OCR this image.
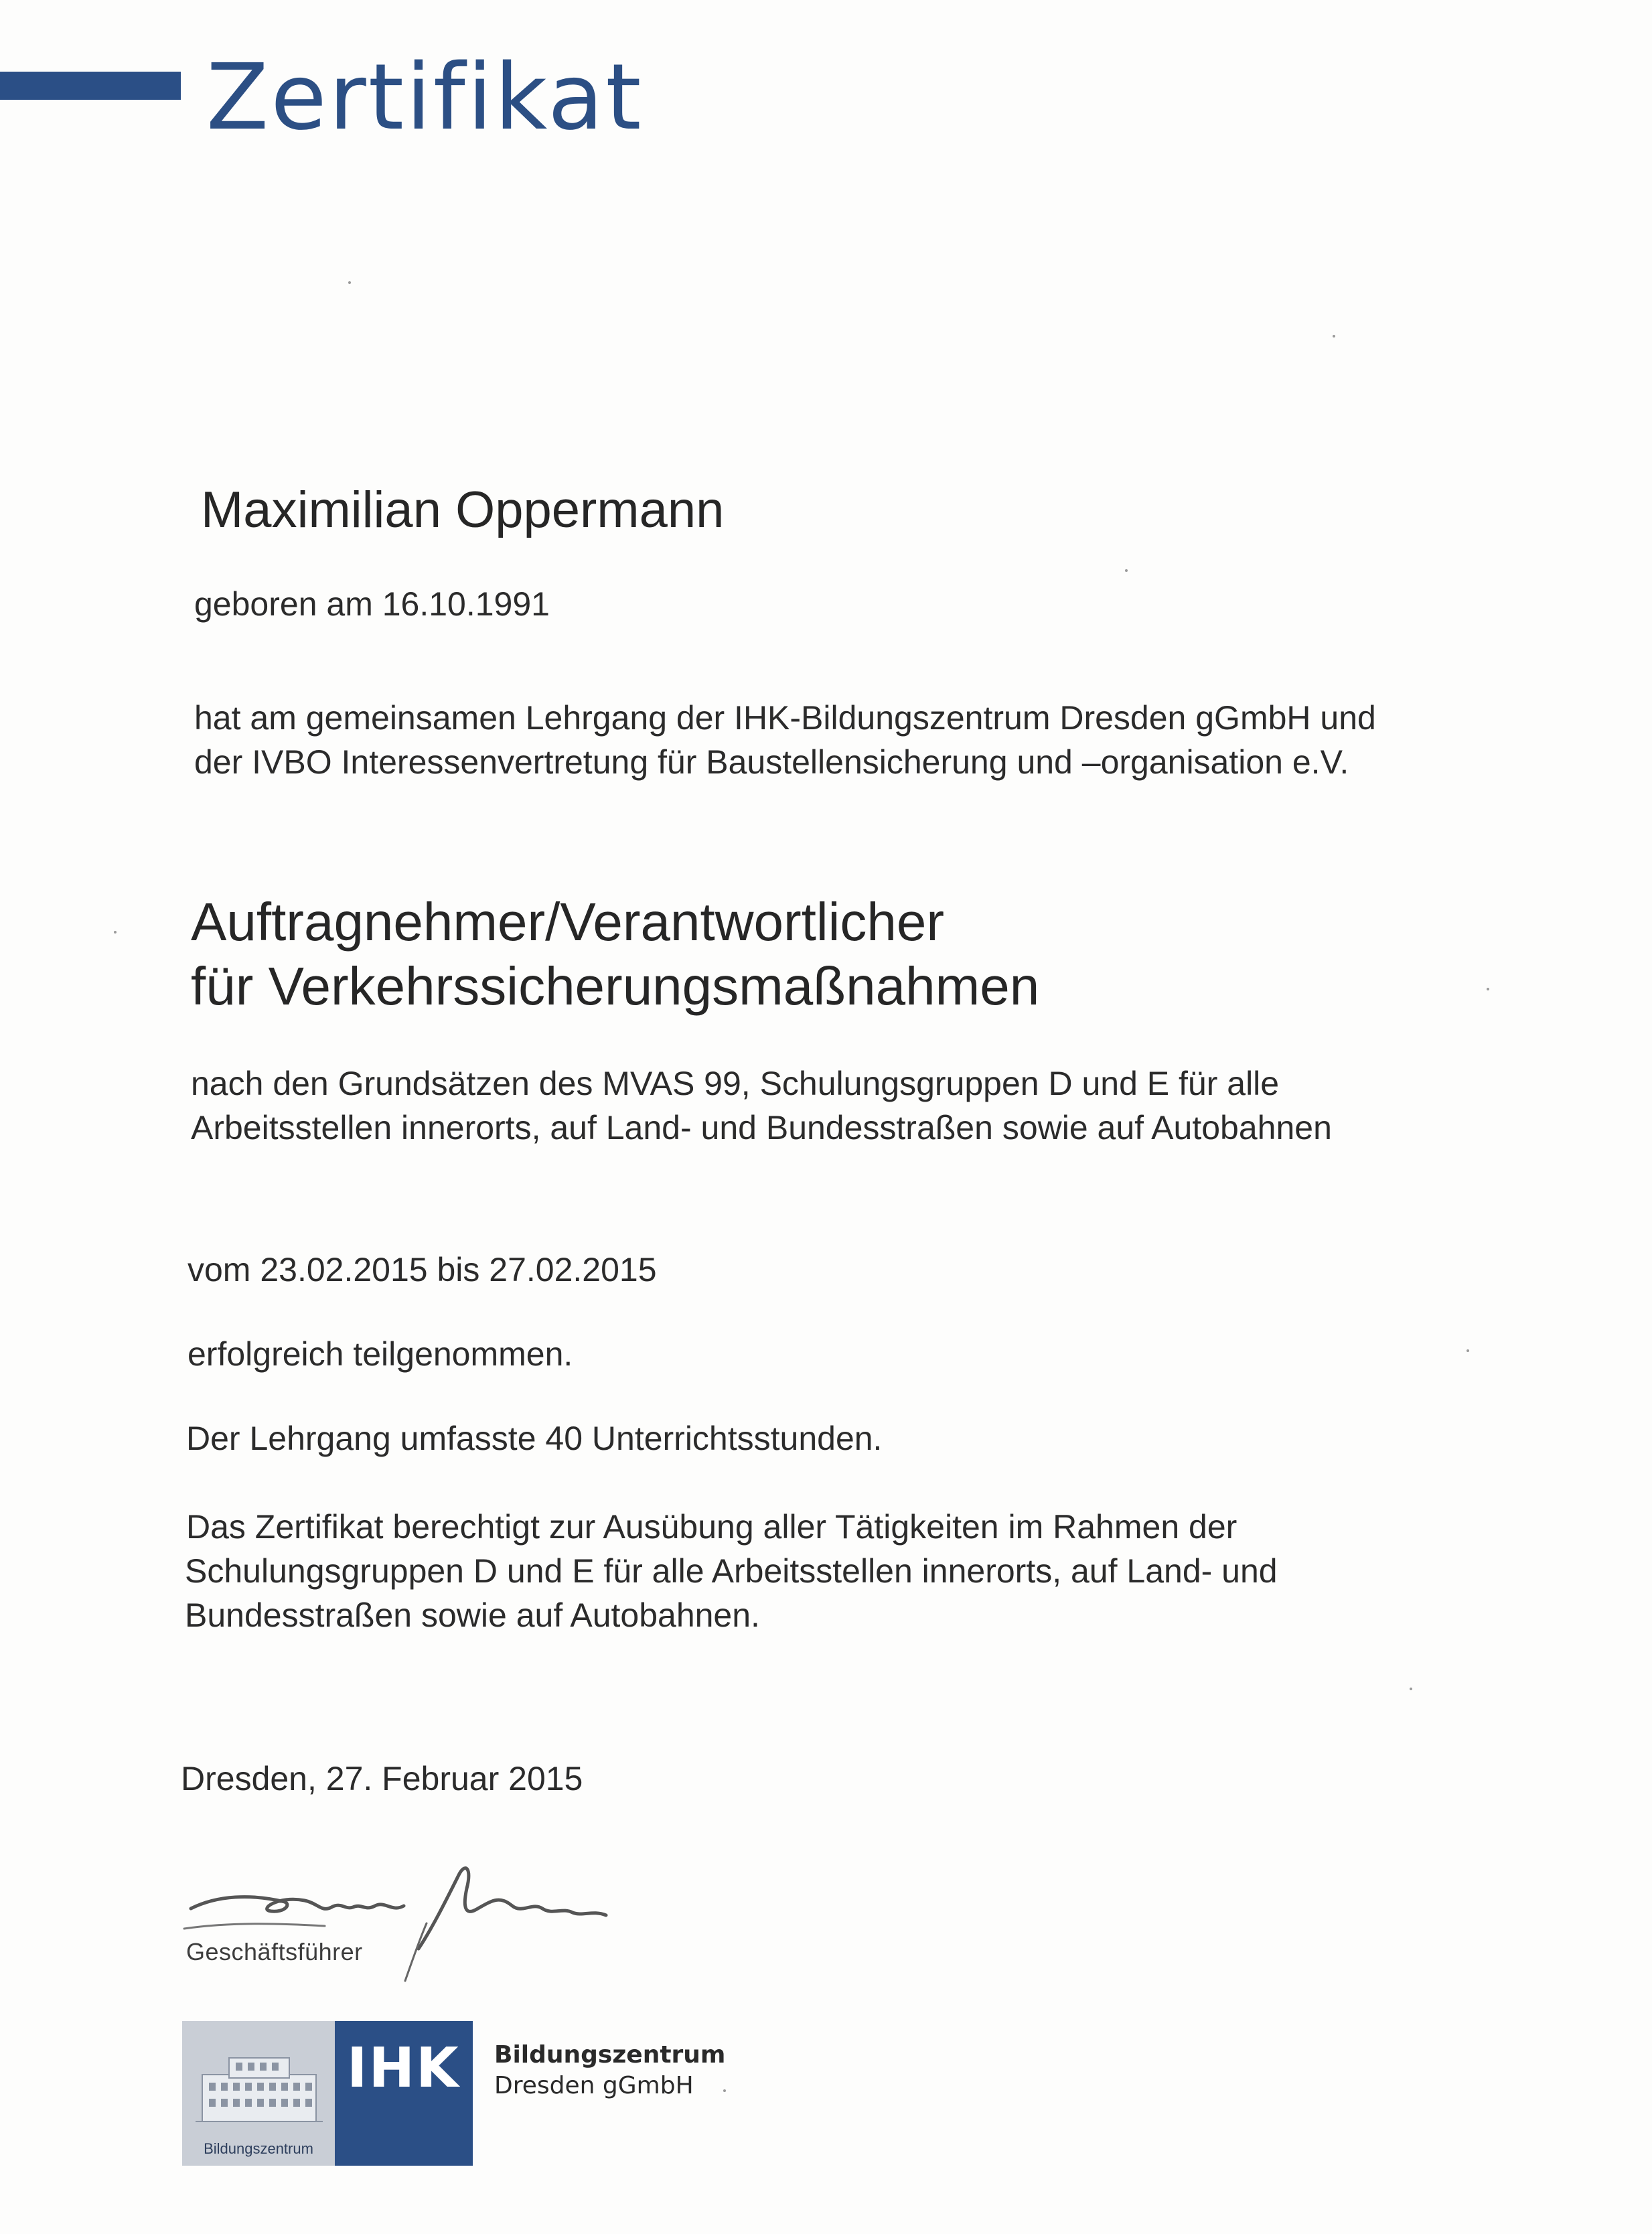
Zertifikat
Maximilian Oppermann
geboren am 16.10.1991
hat am gemeinsamen Lehrgang der IHK-Bildungszentrum Dresden gGmbH und
der IVBO Interessenvertretung für Baustellensicherung und –organisation e.V.
Auftragnehmer/Verantwortlicher
für Verkehrssicherungsmaßnahmen
nach den Grundsätzen des MVAS 99, Schulungsgruppen D und E für alle
Arbeitsstellen innerorts, auf Land- und Bundesstraßen sowie auf Autobahnen
vom 23.02.2015 bis 27.02.2015
erfolgreich teilgenommen.
Der Lehrgang umfasste 40 Unterrichtsstunden.
Das Zertifikat berechtigt zur Ausübung aller Tätigkeiten im Rahmen der
Schulungsgruppen D und E für alle Arbeitsstellen innerorts, auf Land- und
Bundesstraßen sowie auf Autobahnen.
Dresden, 27. Februar 2015
Geschäftsführer
Bildungszentrum
IHK Bildungszentrum
Dresden gGmbH
